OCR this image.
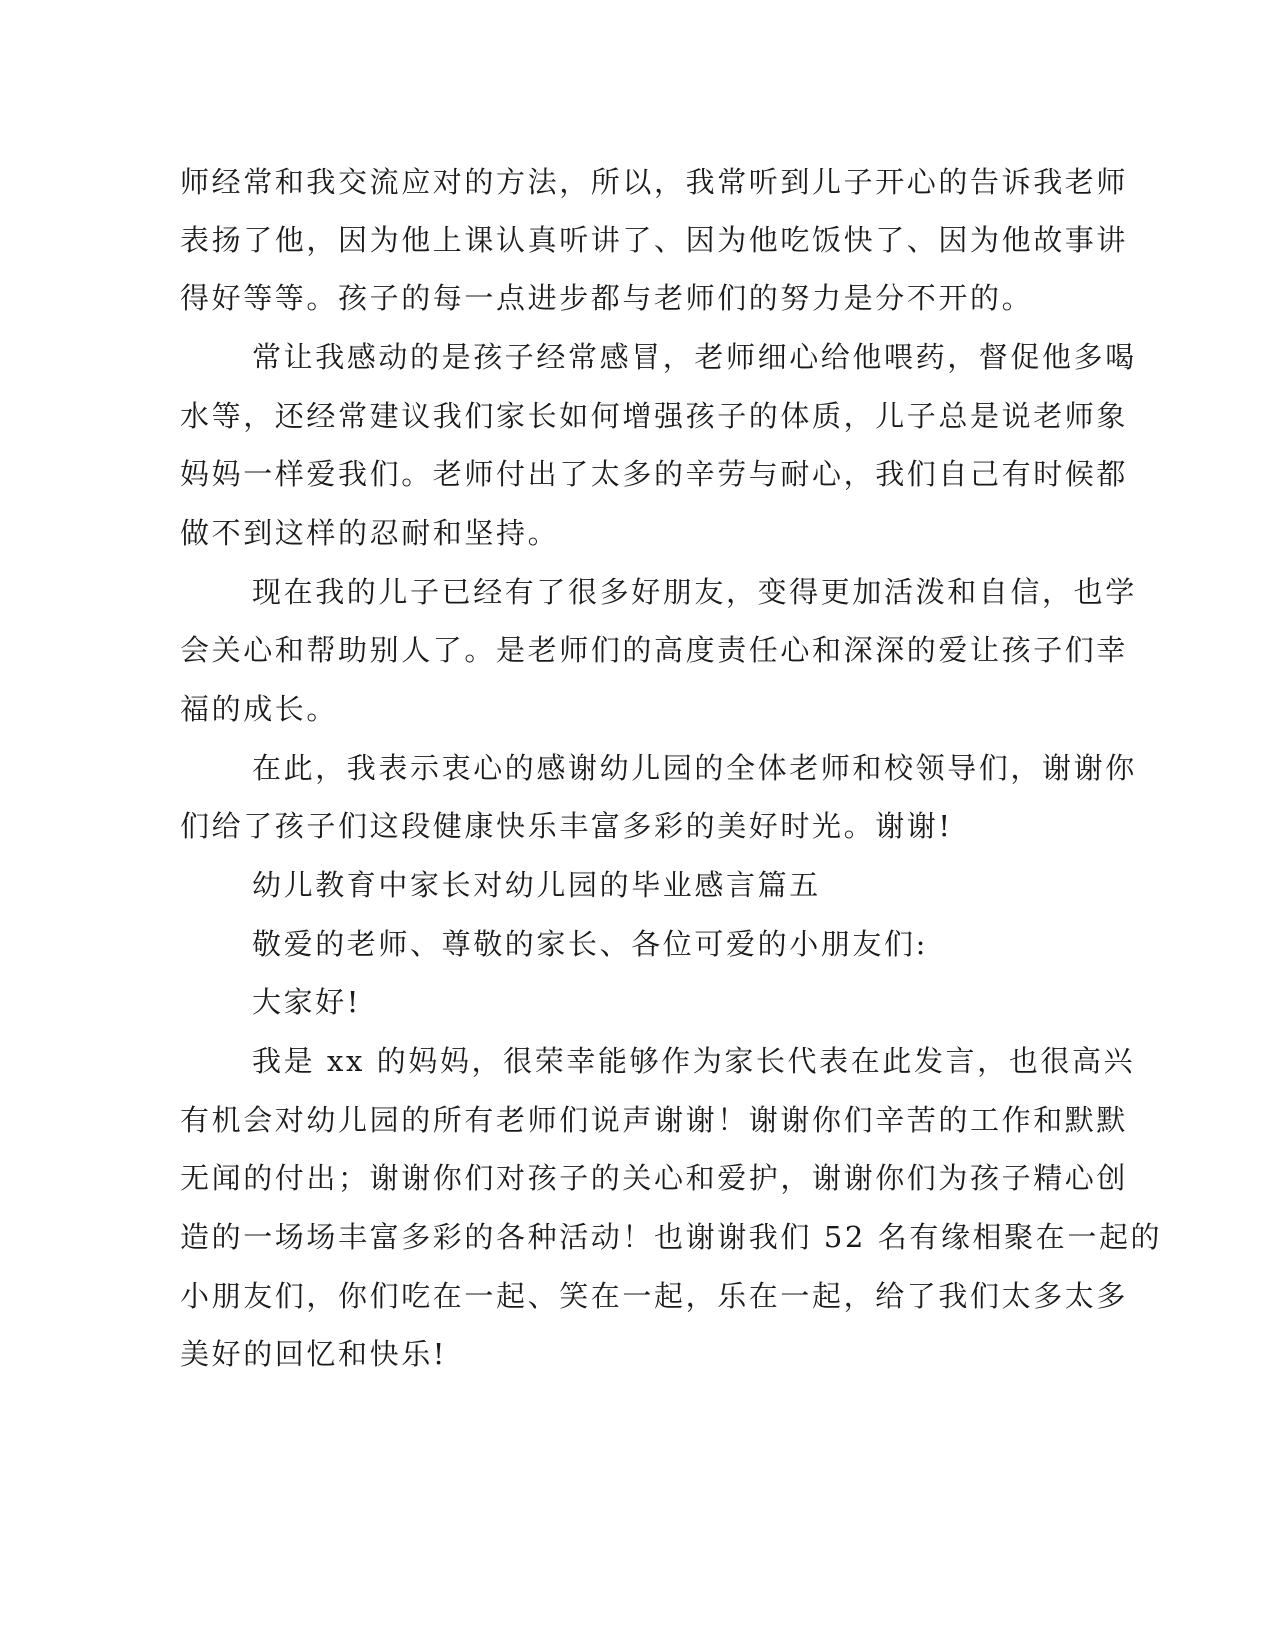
师经常和我交流应对的方法，所以，我常听到儿子开心的告诉我老师
表扬了他，因为他上课认真听讲了、因为他吃饭快了、因为他故事讲
得好等等。孩子的每一点进步都与老师们的努力是分不开的。
常让我感动的是孩子经常感冒，老师细心给他喂药，督促他多喝
水等，还经常建议我们家长如何增强孩子的体质，儿子总是说老师象
妈妈一样爱我们。老师付出了太多的辛劳与耐心，我们自己有时候都
做不到这样的忍耐和坚持。
现在我的儿子已经有了很多好朋友，变得更加活泼和自信，也学
会关心和帮助别人了。是老师们的高度责任心和深深的爱让孩子们幸
福的成长。
在此，我表示衷心的感谢幼儿园的全体老师和校领导们，谢谢你
们给了孩子们这段健康快乐丰富多彩的美好时光。谢谢!
幼儿教育中家长对幼儿园的毕业感言篇五
敬爱的老师、尊敬的家长、各位可爱的小朋友们:
大家好!
我是 xx 的妈妈，很荣幸能够作为家长代表在此发言，也很高兴
有机会对幼儿园的所有老师们说声谢谢！谢谢你们辛苦的工作和默默
无闻的付出；谢谢你们对孩子的关心和爱护，谢谢你们为孩子精心创
造的一场场丰富多彩的各种活动！也谢谢我们 52 名有缘相聚在一起的
小朋友们，你们吃在一起、笑在一起，乐在一起，给了我们太多太多
美好的回忆和快乐!
